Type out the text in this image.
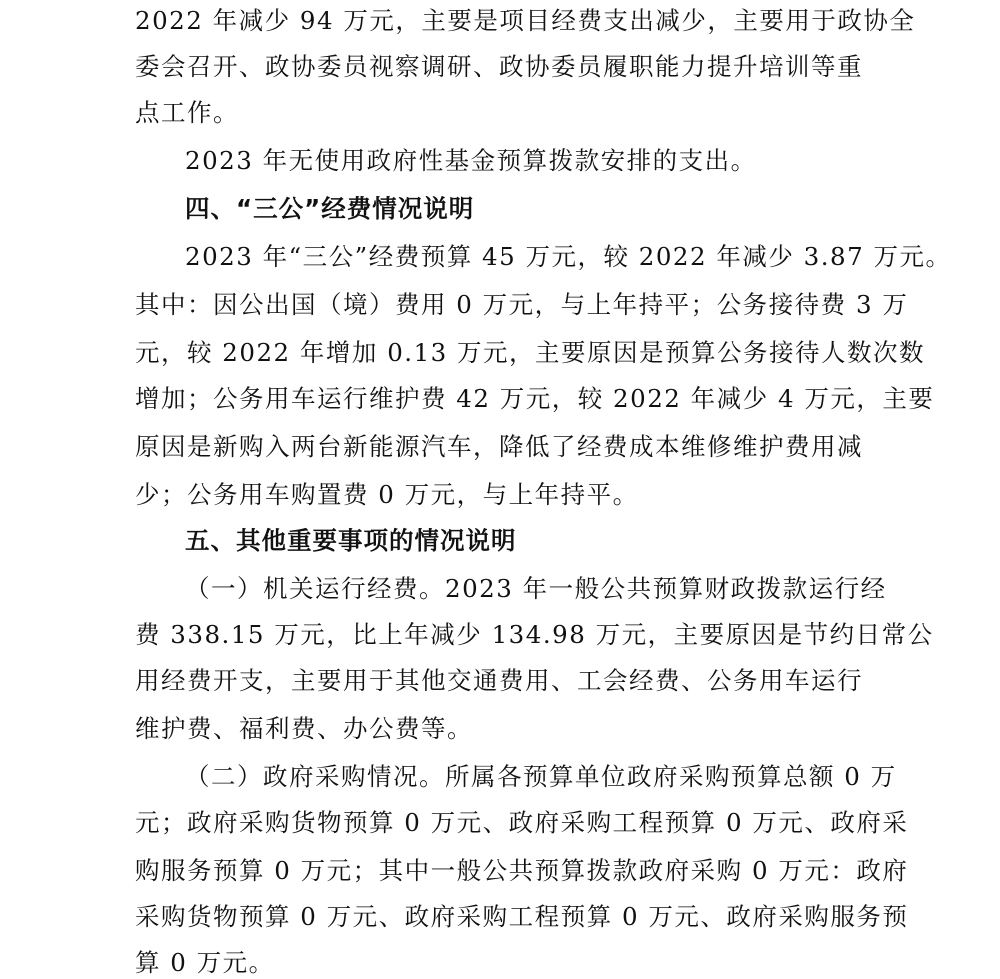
2022 年减少 94 万元，主要是项目经费支出减少，主要用于政协全

委会召开、政协委员视察调研、政协委员履职能力提升培训等重

点工作。

2023 年无使用政府性基金预算拨款安排的支出。

四、“三公”经费情况说明

2023 年“三公”经费预算 45 万元，较 2022 年减少 3.87 万元。

其中：因公出国（境）费用 0 万元，与上年持平；公务接待费 3 万

元，较 2022 年增加 0.13 万元，主要原因是预算公务接待人数次数

增加；公务用车运行维护费 42 万元，较 2022 年减少 4 万元，主要

原因是新购入两台新能源汽车，降低了经费成本维修维护费用减

少；公务用车购置费 0 万元，与上年持平。

五、其他重要事项的情况说明

（一）机关运行经费。2023 年一般公共预算财政拨款运行经

费 338.15 万元，比上年减少 134.98 万元，主要原因是节约日常公

用经费开支，主要用于其他交通费用、工会经费、公务用车运行

维护费、福利费、办公费等。

（二）政府采购情况。所属各预算单位政府采购预算总额 0 万

元；政府采购货物预算 0 万元、政府采购工程预算 0 万元、政府采

购服务预算 0 万元；其中一般公共预算拨款政府采购 0 万元：政府

采购货物预算 0 万元、政府采购工程预算 0 万元、政府采购服务预

算 0 万元。
